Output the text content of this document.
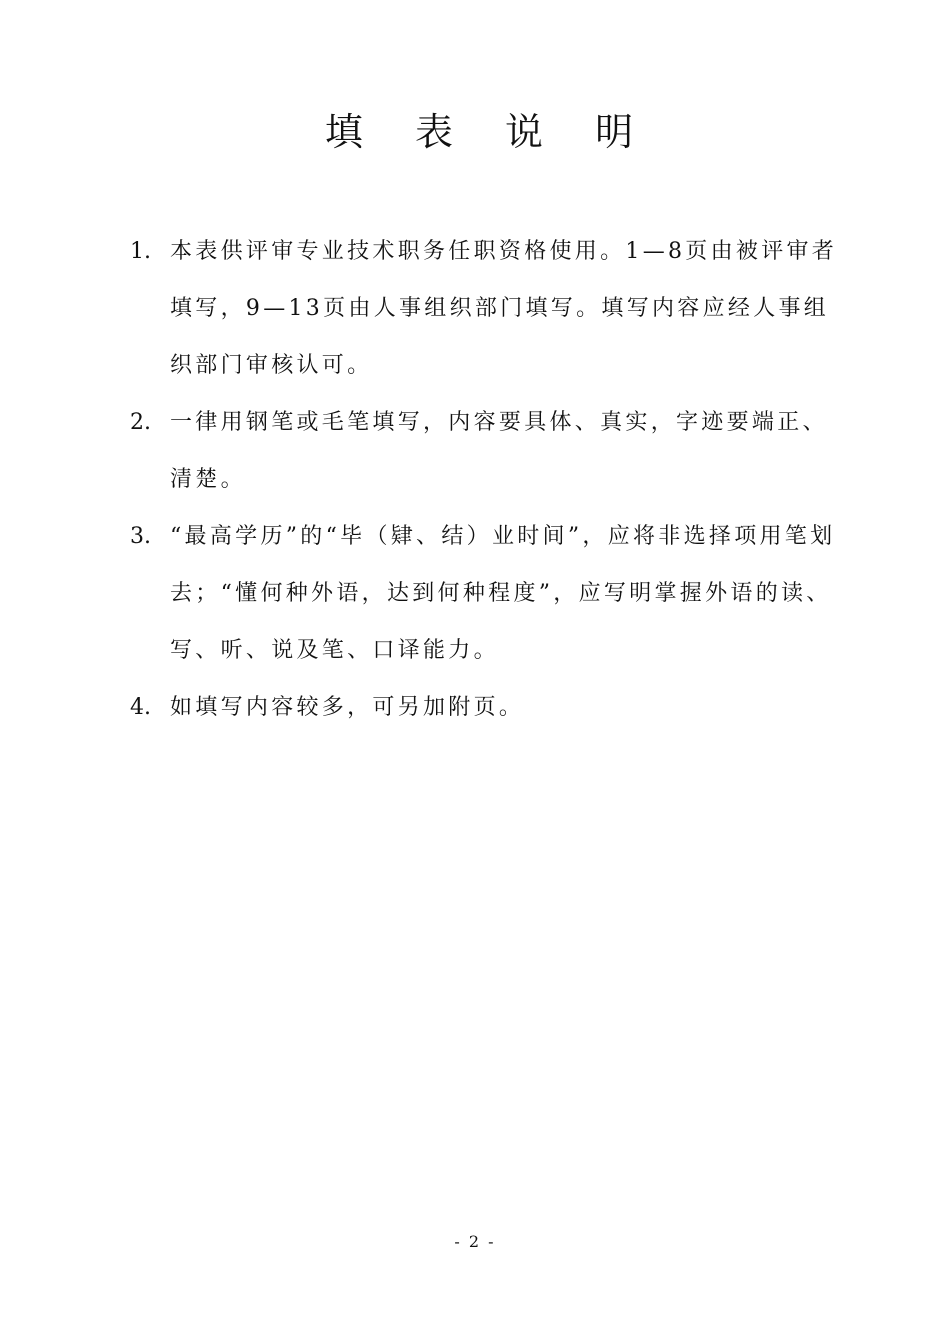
填 表 说 明
1. 本表供评审专业技术职务任职资格使用。1—8页由被评审者填写，9—13页由人事组织部门填写。填写内容应经人事组织部门审核认可。
2. 一律用钢笔或毛笔填写，内容要具体、真实，字迹要端正、清楚。
3. “最高学历”的“毕（肄、结）业时间”，应将非选择项用笔划去；“懂何种外语，达到何种程度”，应写明掌握外语的读、写、听、说及笔、口译能力。
4. 如填写内容较多，可另加附页。
- 2 -
